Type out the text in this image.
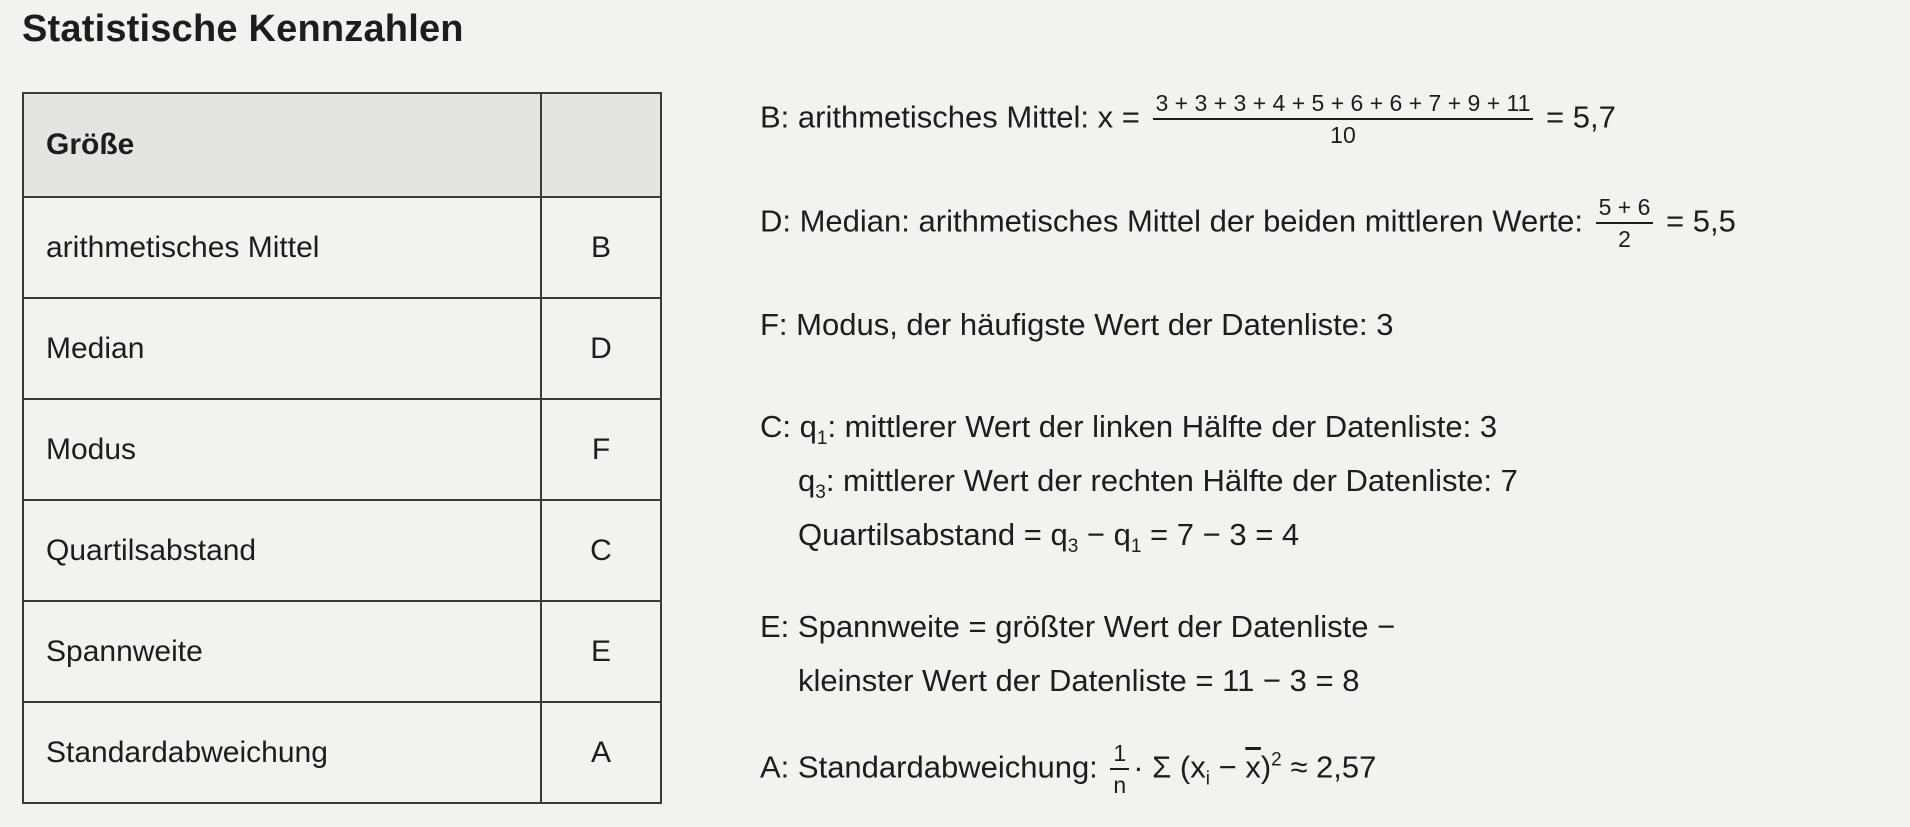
Statistische Kennzahlen
Größe
arithmetisches Mittel	B
Median	D
Modus	F
Quartilsabstand	C
Spannweite	E
Standardabweichung	A
B: arithmetisches Mittel: $x = \frac{3 + 3 + 3 + 4 + 5 + 6 + 6 + 7 + 9 + 11}{10} = 5,7$
D: Median: arithmetisches Mittel der beiden mittleren Werte: $\frac{5 + 6}{2} = 5,5$
F: Modus, der häufigste Wert der Datenliste: 3
C: $q_1$: mittlerer Wert der linken Hälfte der Datenliste: 3
$q_3$: mittlerer Wert der rechten Hälfte der Datenliste: 7
Quartilsabstand = $q_3 - q_1 = 7 - 3 = 4$
E: Spannweite = größter Wert der Datenliste −
kleinster Wert der Datenliste = 11 − 3 = 8
A: Standardabweichung: $\frac{1}{n} \cdot \Sigma$ $(x_i - \overline{x})^2 \approx 2,57$
